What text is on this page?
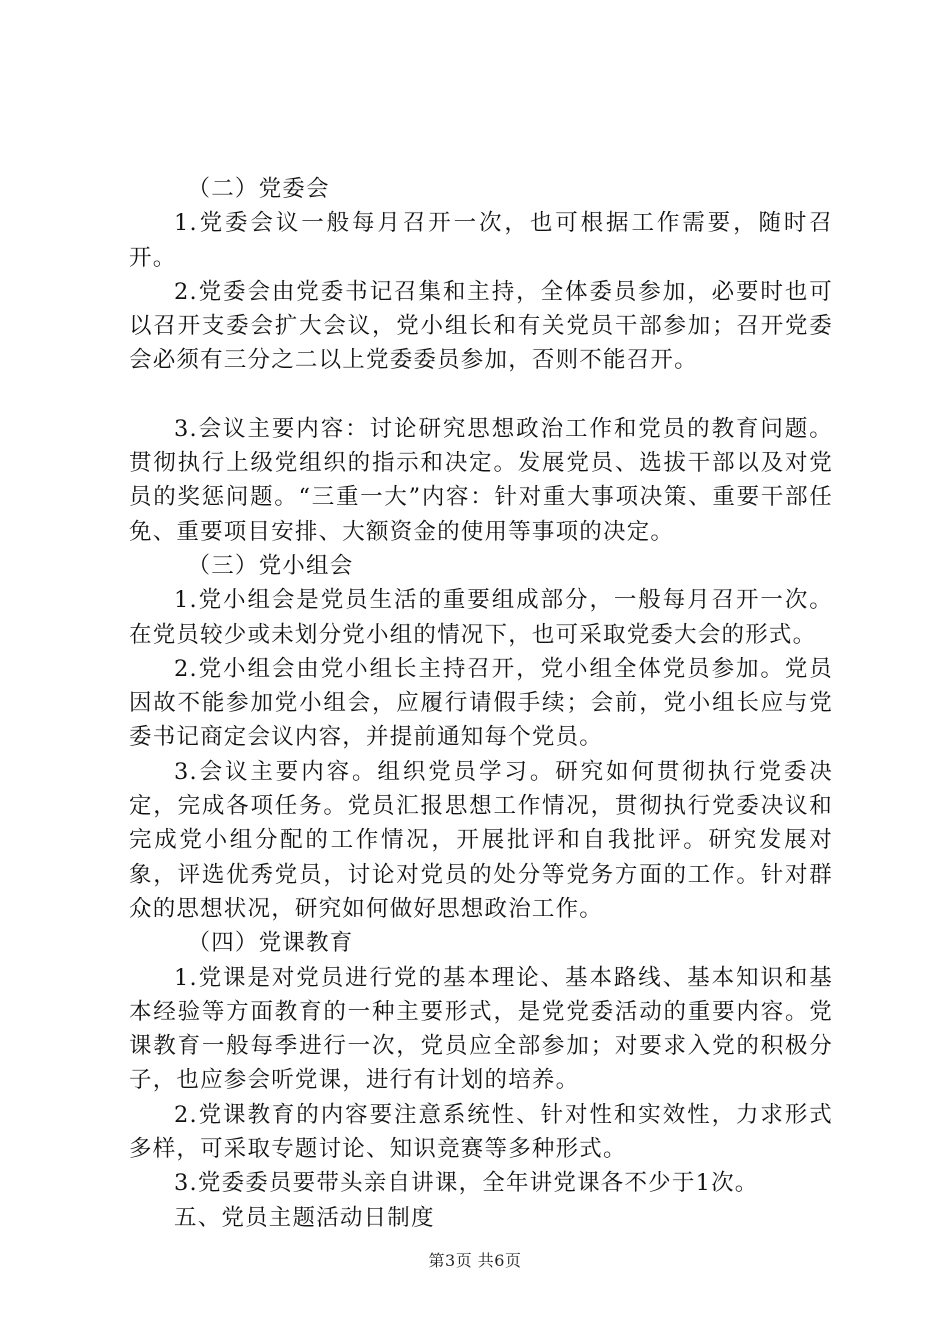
（二）党委会

1.党委会议一般每月召开一次，也可根据工作需要，随时召开。

2.党委会由党委书记召集和主持，全体委员参加，必要时也可以召开支委会扩大会议，党小组长和有关党员干部参加；召开党委会必须有三分之二以上党委委员参加，否则不能召开。

3.会议主要内容：讨论研究思想政治工作和党员的教育问题。贯彻执行上级党组织的指示和决定。发展党员、选拔干部以及对党员的奖惩问题。“三重一大”内容：针对重大事项决策、重要干部任免、重要项目安排、大额资金的使用等事项的决定。

（三）党小组会

1.党小组会是党员生活的重要组成部分，一般每月召开一次。在党员较少或未划分党小组的情况下，也可采取党委大会的形式。

2.党小组会由党小组长主持召开，党小组全体党员参加。党员因故不能参加党小组会，应履行请假手续；会前，党小组长应与党委书记商定会议内容，并提前通知每个党员。

3.会议主要内容。组织党员学习。研究如何贯彻执行党委决定，完成各项任务。党员汇报思想工作情况，贯彻执行党委决议和完成党小组分配的工作情况，开展批评和自我批评。研究发展对象，评选优秀党员，讨论对党员的处分等党务方面的工作。针对群众的思想状况，研究如何做好思想政治工作。

（四）党课教育

1.党课是对党员进行党的基本理论、基本路线、基本知识和基本经验等方面教育的一种主要形式，是党党委活动的重要内容。党课教育一般每季进行一次，党员应全部参加；对要求入党的积极分子，也应参会听党课，进行有计划的培养。

2.党课教育的内容要注意系统性、针对性和实效性，力求形式多样，可采取专题讨论、知识竞赛等多种形式。

3.党委委员要带头亲自讲课，全年讲党课各不少于1次。

五、党员主题活动日制度

第3页 共6页
